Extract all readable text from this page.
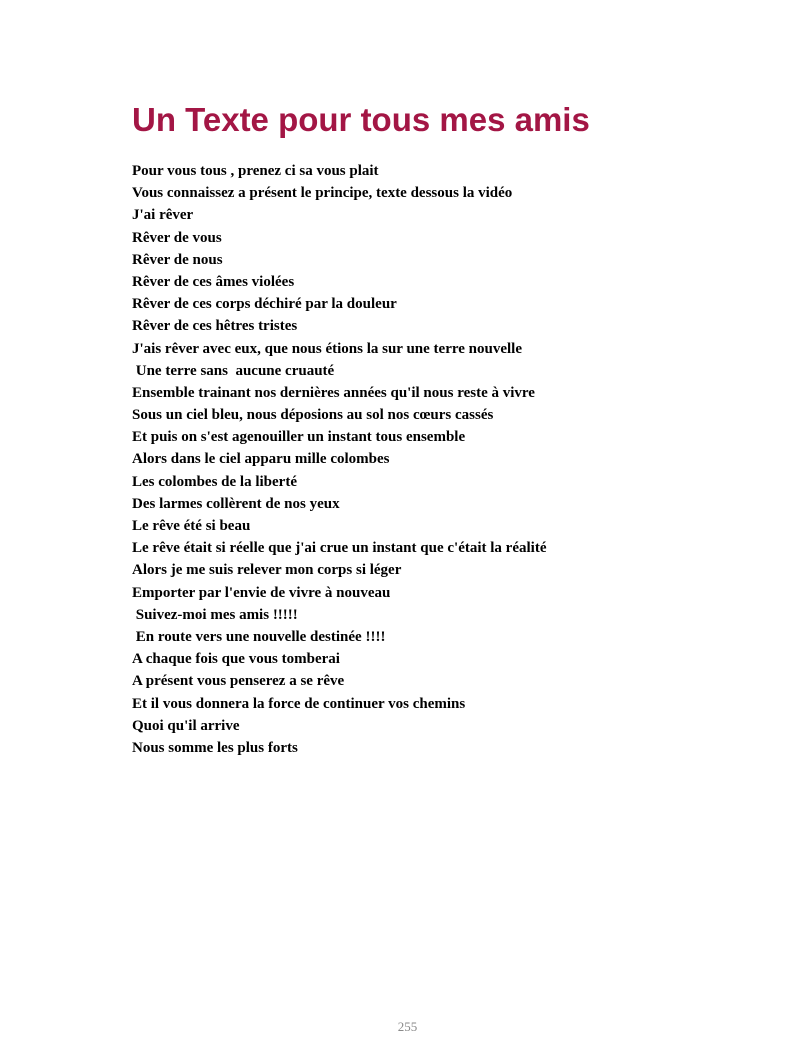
Un Texte pour tous mes amis
Pour vous tous , prenez ci sa vous plait
Vous connaissez a présent le principe, texte dessous la vidéo
J'ai rêver
Rêver de vous
Rêver de nous
Rêver de ces âmes violées
Rêver de ces corps déchiré par la douleur
Rêver de ces hêtres tristes
J'ais rêver avec eux, que nous étions la sur une terre nouvelle
Une terre sans  aucune cruauté
Ensemble trainant nos dernières années qu'il nous reste à vivre
Sous un ciel bleu, nous déposions au sol nos cœurs cassés
Et puis on s'est agenouiller un instant tous ensemble
Alors dans le ciel apparu mille colombes
Les colombes de la liberté
Des larmes collèrent de nos yeux
Le rêve été si beau
Le rêve était si réelle que j'ai crue un instant que c'était la réalité
Alors je me suis relever mon corps si léger
Emporter par l'envie de vivre à nouveau
Suivez-moi mes amis !!!!!
En route vers une nouvelle destinée !!!!
A chaque fois que vous tomberai
A présent vous penserez a se rêve
Et il vous donnera la force de continuer vos chemins
Quoi qu'il arrive
Nous somme les plus forts
255
